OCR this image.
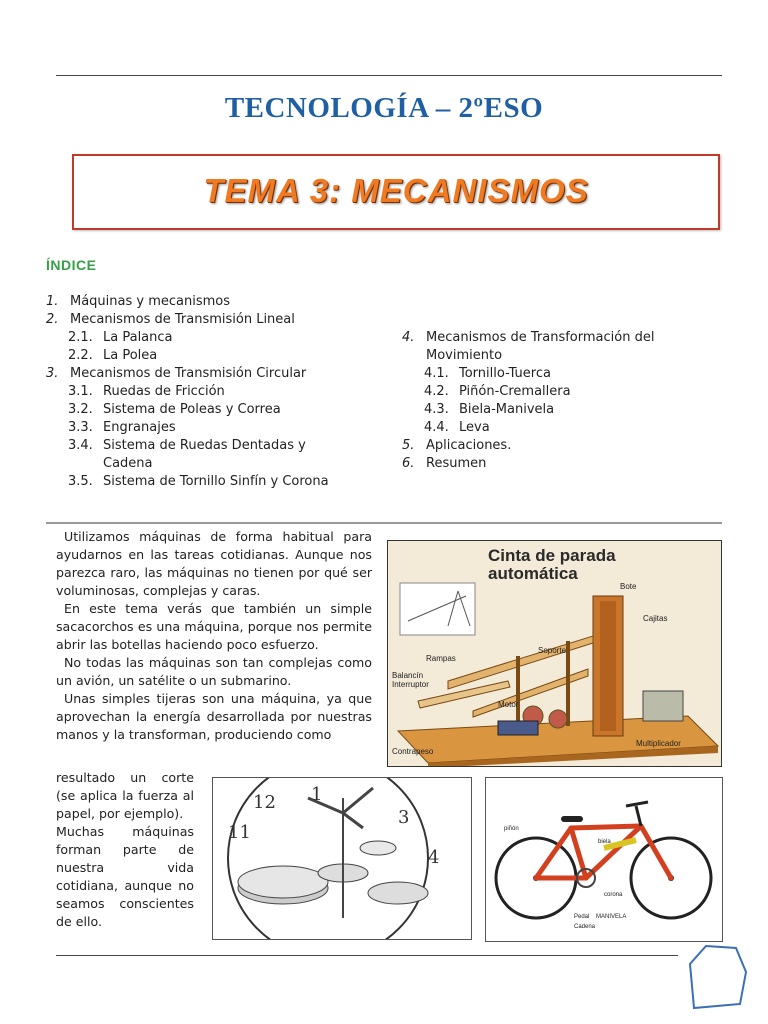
TECNOLOGÍA – 2ºESO
TEMA 3: MECANISMOS
ÍNDICE
1. Máquinas y mecanismos
2. Mecanismos de Transmisión Lineal
2.1. La Palanca
2.2. La Polea
3. Mecanismos de Transmisión Circular
3.1. Ruedas de Fricción
3.2. Sistema de Poleas y Correa
3.3. Engranajes
3.4. Sistema de Ruedas Dentadas y
Cadena
3.5. Sistema de Tornillo Sinfín y Corona
4. Mecanismos de Transformación del
Movimiento
4.1. Tornillo-Tuerca
4.2. Piñón-Cremallera
4.3. Biela-Manivela
4.4. Leva
5. Aplicaciones.
6. Resumen

Utilizamos máquinas de forma habitual para ayudarnos en las tareas cotidianas. Aunque nos parezca raro, las máquinas no tienen por qué ser voluminosas, complejas y caras.

En este tema verás que también un simple sacacorchos es una máquina, porque nos permite abrir las botellas haciendo poco esfuerzo.

No todas las máquinas son tan complejas como un avión, un satélite o un submarino.

Unas simples tijeras son una máquina, ya que aprovechan la energía desarrollada por nuestras manos y la transforman, produciendo como

resultado un corte (se aplica la fuerza al papel, por ejemplo).

Muchas máquinas forman parte de nuestra vida cotidiana, aunque no seamos conscientes de ello.

Cinta de parada
automática
Bote
Cajitas
Soporte
Rampas
Balancín
Interruptor
Motor
Contrapeso
Multiplicador
12
11
1
3
4
piñón
biela
corona
Pedal MANIVELA
Cadena
